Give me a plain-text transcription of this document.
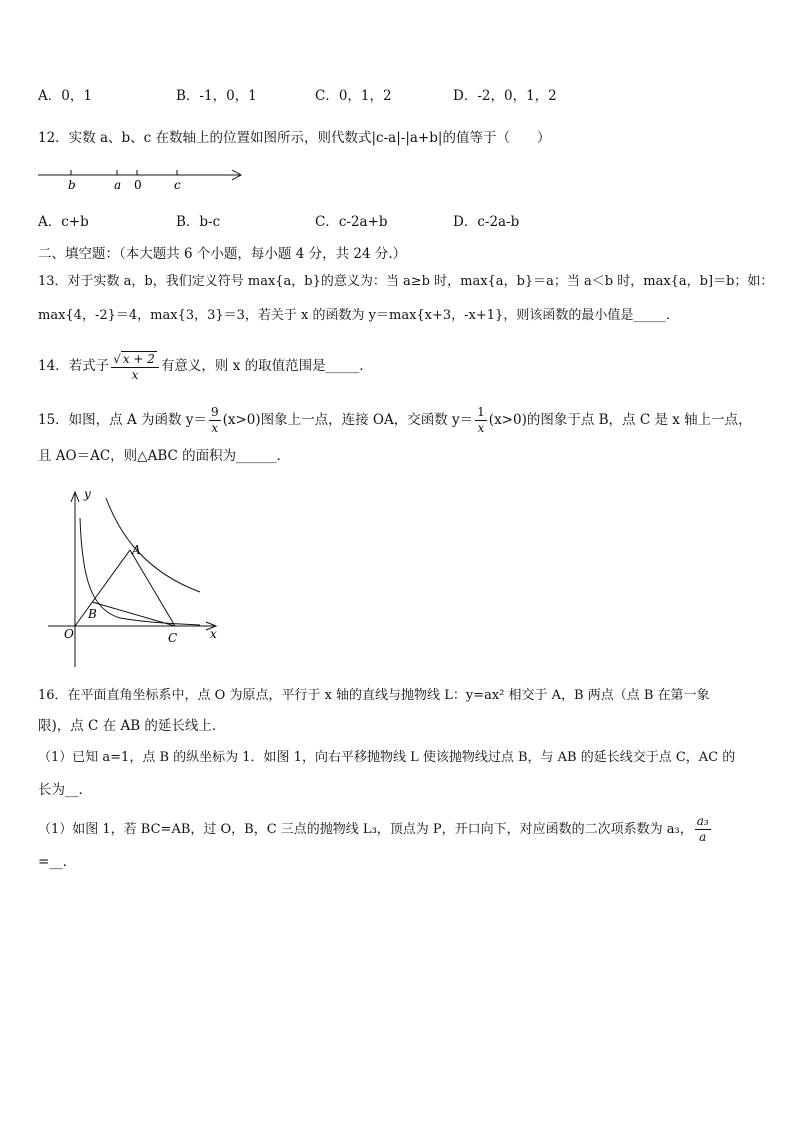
A．0，1	B．-1，0，1	C．0，1，2	D．-2，0，1，2
12．实数 a、b、c 在数轴上的位置如图所示，则代数式|c-a|-|a+b|的值等于（　　）
b	a 0	c
A．c+b	B．b-c	C．c-2a+b	D．c-2a-b
二、填空题：（本大题共 6 个小题，每小题 4 分，共 24 分.）
13．对于实数 a，b，我们定义符号 max{a，b}的意义为：当 a≥b 时，max{a，b}＝a；当 a＜b 时，max{a，b]＝b；如：
max{4，-2}＝4，max{3，3}＝3，若关于 x 的函数为 y＝max{x+3，-x+1}，则该函数的最小值是_____．
14．若式子 $\frac{√ x + 2}{x}$ 有意义，则 x 的取值范围是_____．
15．如图，点 A 为函数 $y= \frac{9}{x} (x>0)$图象上一点，连接 OA，交函数 $y= \frac{1}{x} (x>0)$的图象于点 B，点 C 是 x 轴上一点，
且 AO＝AC，则△ABC 的面积为______．
y
x
O
A
B
C
16．在平面直角坐标系中，点 O 为原点，平行于 x 轴的直线与抛物线 L：y=ax² 相交于 A，B 两点（点 B 在第一象
限)，点 C 在 AB 的延长线上．
（1）已知 a=1，点 B 的纵坐标为 1．如图 1，向右平移抛物线 L 使该抛物线过点 B，与 AB 的延长线交于点 C，AC 的
长为__．
（1）如图 1，若 BC=AB，过 O，B，C 三点的抛物线 L₃，顶点为 P，开口向下，对应函数的二次项系数为 a₃， $\frac{\text{a₃}}{a}$
=__．
